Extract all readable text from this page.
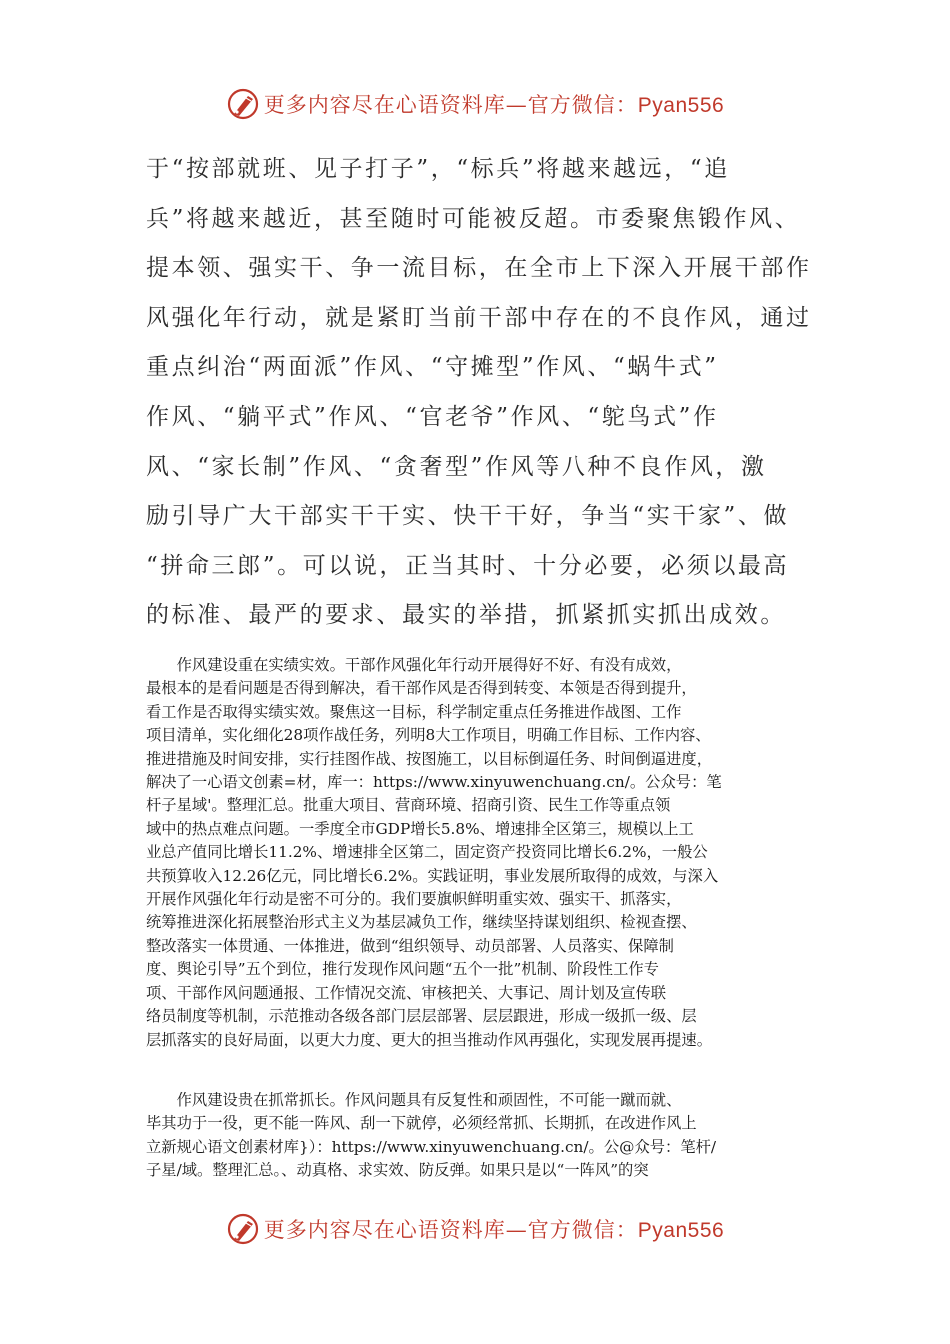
更多内容尽在心语资料库—官方微信：Pyan556
于“按部就班、见子打子”，“标兵”将越来越远，“追
兵”将越来越近，甚至随时可能被反超。市委聚焦锻作风、
提本领、强实干、争一流目标，在全市上下深入开展干部作
风强化年行动，就是紧盯当前干部中存在的不良作风，通过
重点纠治“两面派”作风、“守摊型”作风、“蜗牛式”
作风、“躺平式”作风、“官老爷”作风、“鸵鸟式”作
风、“家长制”作风、“贪奢型”作风等八种不良作风，激
励引导广大干部实干干实、快干干好，争当“实干家”、做
“拼命三郎”。可以说，正当其时、十分必要，必须以最高
的标准、最严的要求、最实的举措，抓紧抓实抓出成效。
　　作风建设重在实绩实效。干部作风强化年行动开展得好不好、有没有成效，
最根本的是看问题是否得到解决，看干部作风是否得到转变、本领是否得到提升，
看工作是否取得实绩实效。聚焦这一目标，科学制定重点任务推进作战图、工作
项目清单，实化细化28项作战任务，列明8大工作项目，明确工作目标、工作内容、
推进措施及时间安排，实行挂图作战、按图施工，以目标倒逼任务、时间倒逼进度，
解决了一心语文创素=材，库一：https://www.xinyuwenchuang.cn/。公众号：笔
杆子星域'。整理汇总。批重大项目、营商环境、招商引资、民生工作等重点领
域中的热点难点问题。一季度全市GDP增长5.8%、增速排全区第三，规模以上工
业总产值同比增长11.2%、增速排全区第二，固定资产投资同比增长6.2%，一般公
共预算收入12.26亿元，同比增长6.2%。实践证明，事业发展所取得的成效，与深入
开展作风强化年行动是密不可分的。我们要旗帜鲜明重实效、强实干、抓落实，
统筹推进深化拓展整治形式主义为基层减负工作，继续坚持谋划组织、检视查摆、
整改落实一体贯通、一体推进，做到“组织领导、动员部署、人员落实、保障制
度、舆论引导”五个到位，推行发现作风问题“五个一批”机制、阶段性工作专
项、干部作风问题通报、工作情况交流、审核把关、大事记、周计划及宣传联
络员制度等机制，示范推动各级各部门层层部署、层层跟进，形成一级抓一级、层
层抓落实的良好局面，以更大力度、更大的担当推动作风再强化，实现发展再提速。
　　作风建设贵在抓常抓长。作风问题具有反复性和顽固性，不可能一蹴而就、
毕其功于一役，更不能一阵风、刮一下就停，必须经常抓、长期抓，在改进作风上
立新规心语文创素材库}）：https://www.xinyuwenchuang.cn/。公@众号：笔杆/
子星/域。整理汇总。、动真格、求实效、防反弹。如果只是以“一阵风”的突
更多内容尽在心语资料库—官方微信：Pyan556
